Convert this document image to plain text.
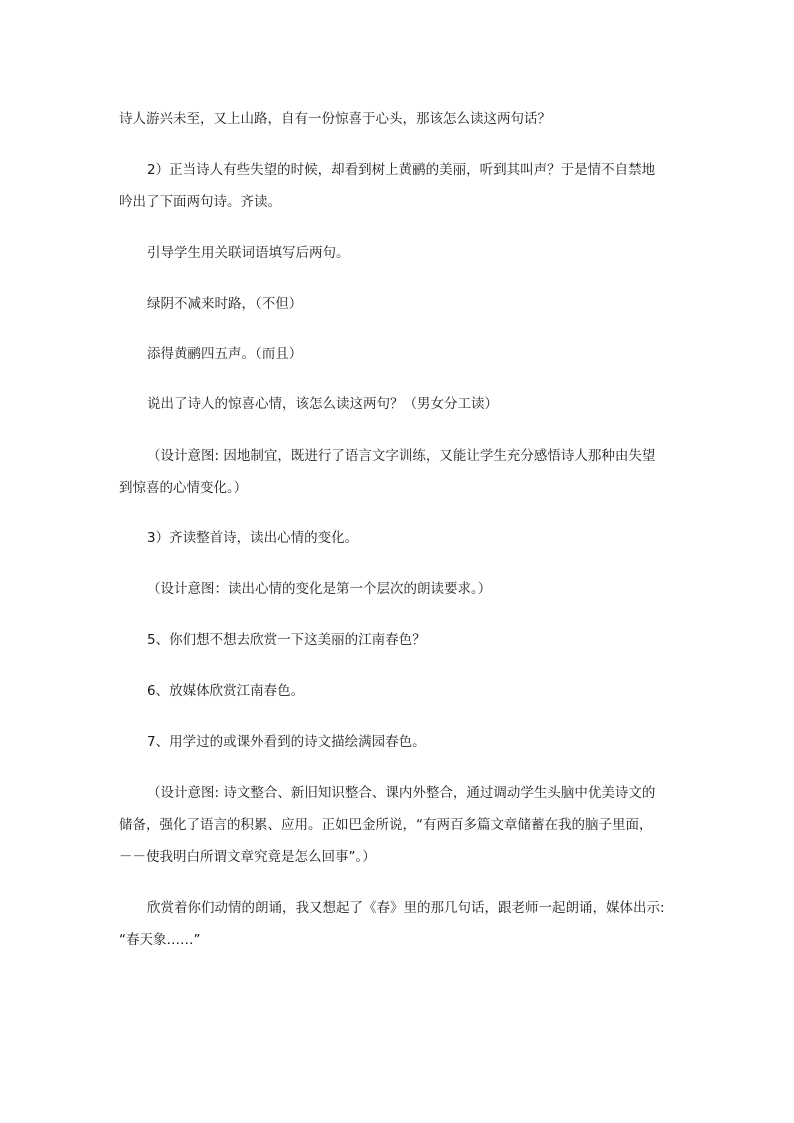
诗人游兴未至，又上山路，自有一份惊喜于心头，那该怎么读这两句话？

2）正当诗人有些失望的时候，却看到树上黄鹂的美丽，听到其叫声？于是情不自禁地
吟出了下面两句诗。齐读。

引导学生用关联词语填写后两句。

绿阴不减来时路，（不但）

添得黄鹂四五声。（而且）

说出了诗人的惊喜心情，该怎么读这两句？（男女分工读）

（设计意图: 因地制宜，既进行了语言文字训练，又能让学生充分感悟诗人那种由失望
到惊喜的心情变化。）

3）齐读整首诗，读出心情的变化。

（设计意图：读出心情的变化是第一个层次的朗读要求。）

5、你们想不想去欣赏一下这美丽的江南春色？

6、放媒体欣赏江南春色。

7、用学过的或课外看到的诗文描绘满园春色。

（设计意图: 诗文整合、新旧知识整合、课内外整合，通过调动学生头脑中优美诗文的
储备，强化了语言的积累、应用。正如巴金所说，“有两百多篇文章储蓄在我的脑子里面，
－－使我明白所谓文章究竟是怎么回事”。）

欣赏着你们动情的朗诵，我又想起了《春》里的那几句话，跟老师一起朗诵，媒体出示:
“春天象……”
